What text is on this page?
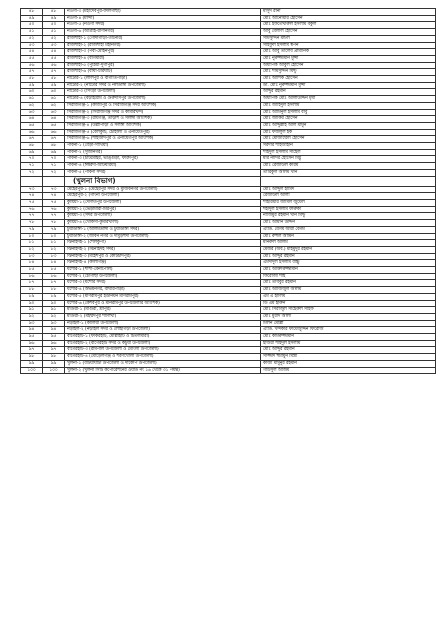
৪৮	৪৮	নওগাঁ-৩ (মহাদেবপুর-বদলগাছী)	মাসুদ রানা
৪৯	৪৯	নওগাঁ-৪ (মান্দা)	মোঃ আনোয়ার হোসেন
৫০	৫০	নওগাঁ-৫ (নওগাঁ সদর)	মোঃ ইফতেখারুল ইসলাম বকুল
৫১	৫১	নওগাঁ-৬ (আত্রাই-রাণীনগর)	আবু বেলাল হোসেন
৫২	৫২	রাজশাহী-১ (গোদাগাড়ী-তানোর)	সামসুদ্দিন মন্ডল
৫৩	৫৩	রাজশাহী-২ (রাজশাহী মহানগর)	সাইফুল ইসলাম স্বপন
৫৪	৫৪	রাজশাহী-৩ (পবা-মোহনপুর)	মোঃ আবু তালেব প্রামানিক
৫৫	৫৫	রাজশাহী-৪ (বাগমারা)	মোঃ নুরুজ্জামান মুন্সী
৫৬	৫৬	রাজশাহী-৫ (পুঠিয়া-দুর্গাপুর)	অধ্যাপক আবুল হোসেন
৫৭	৫৭	রাজশাহী-৬ (বাঘা-চারঘাট)	মোঃ শামসুদ্দিন মিন্টু
৫৮	৫৮	নাটোর-১ (লালপুর ও বাগাতিপাড়া)	মোঃ আশিক হোসেন
৫৯	৫৯	নাটোর-২ (নাটোর সদর ও নলডাঙ্গা উপজেলা)	ডা. মোঃ নুরুজ্জামান মুন্সী
৬০	৬০	নাটোর-৩ (সিংড়া উপজেলা)	আব্দুর রহমান
৬১	৬১	নাটোর-৪ (বড়াইগ্রাম ও গুরুদাসপুর উপজেলা)	অধ্যাপক মোঃ আলাউদ্দিন মৃধা
৬২	৬২	সিরাজগঞ্জ-১ (কাজীপুর ও সিরাজগঞ্জ সদর আংশিক)	মোঃ জাহিদুল ইসলাম
৬৩	৬৩	সিরাজগঞ্জ-২ (সিরাজগঞ্জ সদর ও কামারখন্দ)	মোঃ আমিনুল ইসলাম বাবু
৬৪	৬৪	সিরাজগঞ্জ-৩ (রায়গঞ্জ, তাড়াশ ও সলঙ্গা আংশিক)	মোঃ জাকির হোসেন
৬৫	৬৫	সিরাজগঞ্জ-৪ (উল্লাপাড়া ও সলঙ্গা আংশিক)	মোঃ আব্দুল্লাহ আল মামুন
৬৬	৬৬	সিরাজগঞ্জ-৫ (বেলকুচি, চৌহালী ও এনায়েতপুর)	মোঃ ফজলুল হক
৬৭	৬৭	সিরাজগঞ্জ-৬ (শাহজাদপুর ও এনায়েতপুর আংশিক)	মোঃ মোজাম্মেল হোসেন
৬৮	৬৮	পাবনা-১ (বেড়া-সাঁথিয়া)	সরদার শাহজাহান
৬৯	৬৯	পাবনা-২ (সুজানগর)	শহিদুল ইসলাম সাহেল
৭০	৭০	পাবনা-৩ (চাটমোহর, ভাঙ্গুড়া, ফরিদপুর)	মীর নাদির হোসেন মিঠু
৭১	৭১	পাবনা-৪ (ঈশ্বরদী-আটঘরিয়া)	মোঃ রেজাউল করিম
৭২	৭২	পাবনা-৫ (পাবনা সদর)	তারিকুল আলম খান
		(খুলনা বিভাগ)	
৭৩	৭৩	মেহেরপুর-১ (মেহেরপুর সদর ও মুজিবনগর উপজেলা)	মোঃ আব্দুল হামিদ
৭৪	৭৪	মেহেরপুর-২ (গাংনী উপজেলা)	রেজাউল আলী
৭৫	৭৫	কুষ্টিয়া-১ (দৌলতপুর উপজেলা)	শাহরিয়ার জামিল জুয়েল
৭৬	৭৬	কুষ্টিয়া-২ (ভেড়ামারা-মিরপুর)	শহীদুল ইসলাম ফারুকী
৭৭	৭৭	কুষ্টিয়া-৩ (সদর উপজেলা)	নাজিমুর রহমান খান মিন্টু
৭৮	৭৮	কুষ্টিয়া-৪ (খোকসা-কুমারখালী)	মোঃ আমান উদ্দিন
৭৯	৭৯	চুয়াডাঙ্গা-১ (আলমডাঙ্গা ও চুয়াডাঙ্গা সদর)	এ্যাড. বেগম আরা বেগম
৮০	৮০	চুয়াডাঙ্গা-২ (জীবন নগর ও দামুড়হুদা উপজেলা)	মোঃ রুহুল আমিন
৮১	৮১	ঝিনাইদহ-১ (শৈলকুপা)	মনিরুল আলম
৮২	৮২	ঝিনাইদহ-২ (ঝিনাইদহ সদর)	মেজর (অব.) মাহমুদুর রহমান
৮৩	৮৩	ঝিনাইদহ-৩ (মহেশপুর ও কোটচাঁদপুর)	মোঃ আব্দুর রহমান
৮৪	৮৪	ঝিনাইদহ-৪ (কালীগঞ্জ)	এমদাদুল ইসলাম বাচ্চু
৮৫	৮৫	যশোর-১ (শার্শা-বেনাপোল)	মোঃ আক্তারুজ্জামান
৮৬	৮৬	যশোর-২ (চৌগাছা উপজেলা)	ফিরোজা শাহ
৮৭	৮৭	যশোর-৩ (যশোর সদর)	মোঃ তবিবুর রহমান
৮৮	৮৮	যশোর-৪ (অভয়নগর, বাঘারপাড়া)	মোঃ আজিজুল আলম
৮৯	৮৯	যশোর-৫ (মণিরামপুর ইউনিয়ন মণিরামপুর)	এম এ হালিম
৯০	৯০	যশোর-৬ (কেশবপুর ও মনিরামপুর উপজেলার আংশিক)	ডি এম হারুন
৯১	৯১	মাগুরা-১ (মাগুরা, শ্রীপুর)	মোঃ সিরাজুল সাহেরুল সাইফ
৯২	৯২	মাগুরা-২ (মহম্মদপুর শালিখা)	মোঃ মুরাদ আলী
৯৩	৯৩	নড়াইল-১ (কালিয়া উপজেলা)	মিলন মোল্লা
৯৪	৯৪	নড়াইল-২ (নড়াইল সদর ও লোহাগড়া উপজেলা)	এ্যাড. খন্দকার ফায়েজুদ্দিন ফিরোজ
৯৫	৯৫	বাগেরহাট-১ (ফকিরহাট, মোল্লাহাট ও চিতলমারী)	মোঃ কামরুজ্জামান
৯৬	৯৬	বাগেরহাট-২ (বাগেরহাট সদর ও কচুয়া উপজেলা)	হাজরা শহিদুল ইসলাম
৯৭	৯৭	বাগেরহাট-৩ (রামপাল উপজেলা ও মোংলা উপজেলা)	মোঃ আব্দুর রহমান
৯৮	৯৮	বাগেরহাট-৪ (মোড়েলগঞ্জ ও শরণখোলা উপজেলা)	সাজ্জাদ হুমায়ুন মিস্ত্রী
৯৯	৯৯	খুলনা-১ (বটিয়াঘাটা উপজেলা ও দাকোপ উপজেলা)	কাজী মামুনুর রহমান
১০০	১০০	খুলনা-২ (খুলনা সিটি কর্পোরেশনের ওয়ার্ড নং ১৬ থেকে ৩১ পর্যন্ত)	গাউসুল আজম
